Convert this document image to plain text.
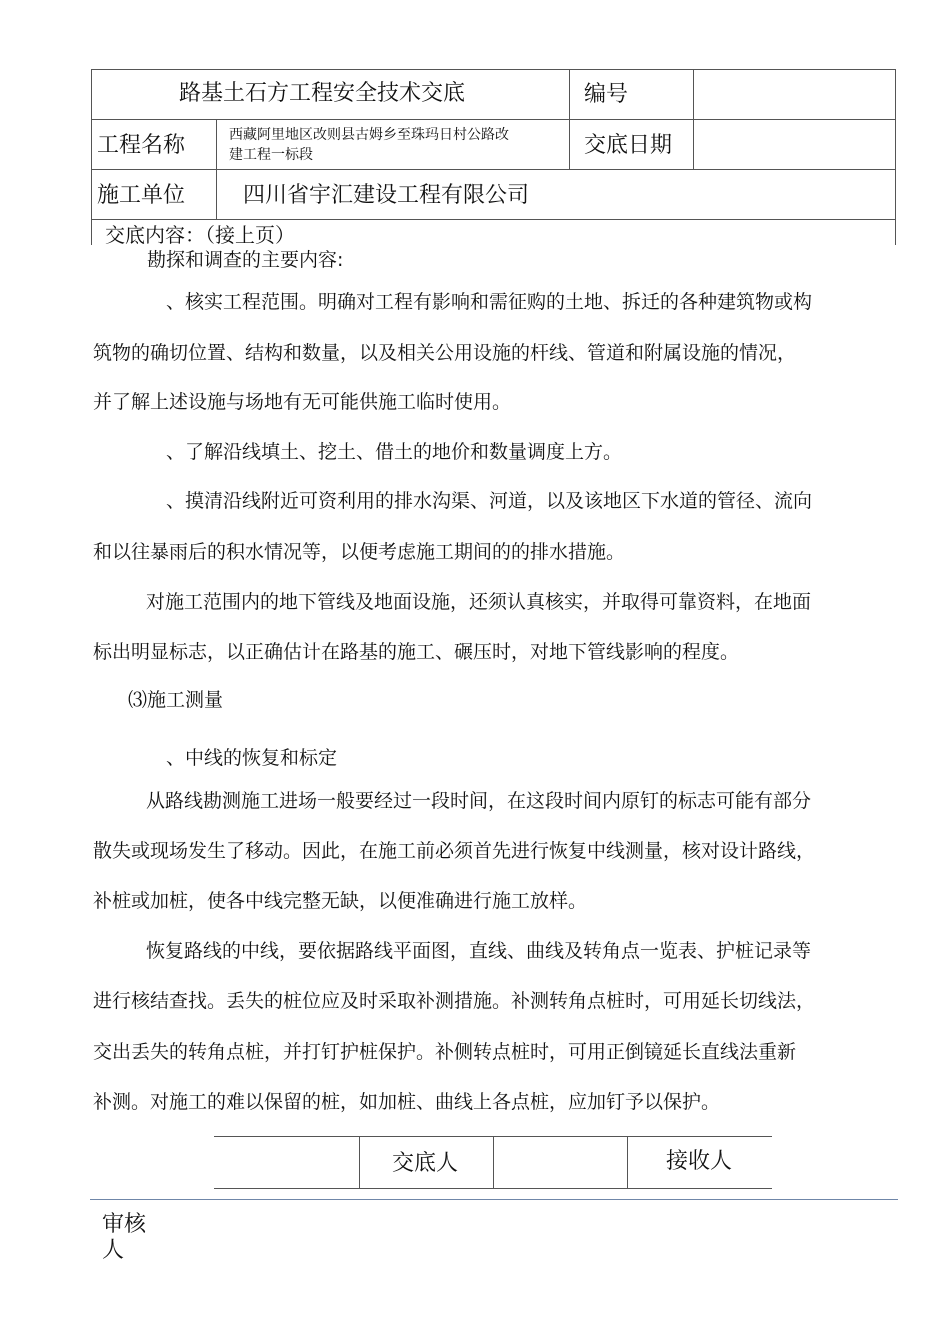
路基土石方工程安全技术交底	编号
工程名称	西藏阿里地区改则县古姆乡至珠玛日村公路改
建工程一标段	交底日期
施工单位	四川省宇汇建设工程有限公司
交底内容：（接上页）
勘探和调查的主要内容:
、核实工程范围。明确对工程有影响和需征购的土地、拆迁的各种建筑物或构
筑物的确切位置、结构和数量，以及相关公用设施的杆线、管道和附属设施的情况，
并了解上述设施与场地有无可能供施工临时使用。
、了解沿线填土、挖土、借土的地价和数量调度上方。
、摸清沿线附近可资利用的排水沟渠、河道，以及该地区下水道的管径、流向
和以往暴雨后的积水情况等，以便考虑施工期间的的排水措施。
对施工范围内的地下管线及地面设施，还须认真核实，并取得可靠资料，在地面
标出明显标志，以正确估计在路基的施工、碾压时，对地下管线影响的程度。
⑶施工测量
、中线的恢复和标定
从路线勘测施工进场一般要经过一段时间，在这段时间内原钉的标志可能有部分
散失或现场发生了移动。因此，在施工前必须首先进行恢复中线测量，核对设计路线，
补桩或加桩，使各中线完整无缺，以便准确进行施工放样。
恢复路线的中线，要依据路线平面图，直线、曲线及转角点一览表、护桩记录等
进行核结查找。丢失的桩位应及时采取补测措施。补测转角点桩时，可用延长切线法，
交出丢失的转角点桩，并打钉护桩保护。补侧转点桩时，可用正倒镜延长直线法重新
补测。对施工的难以保留的桩，如加桩、曲线上各点桩，应加钉予以保护。
交底人	接收人
审核
人
